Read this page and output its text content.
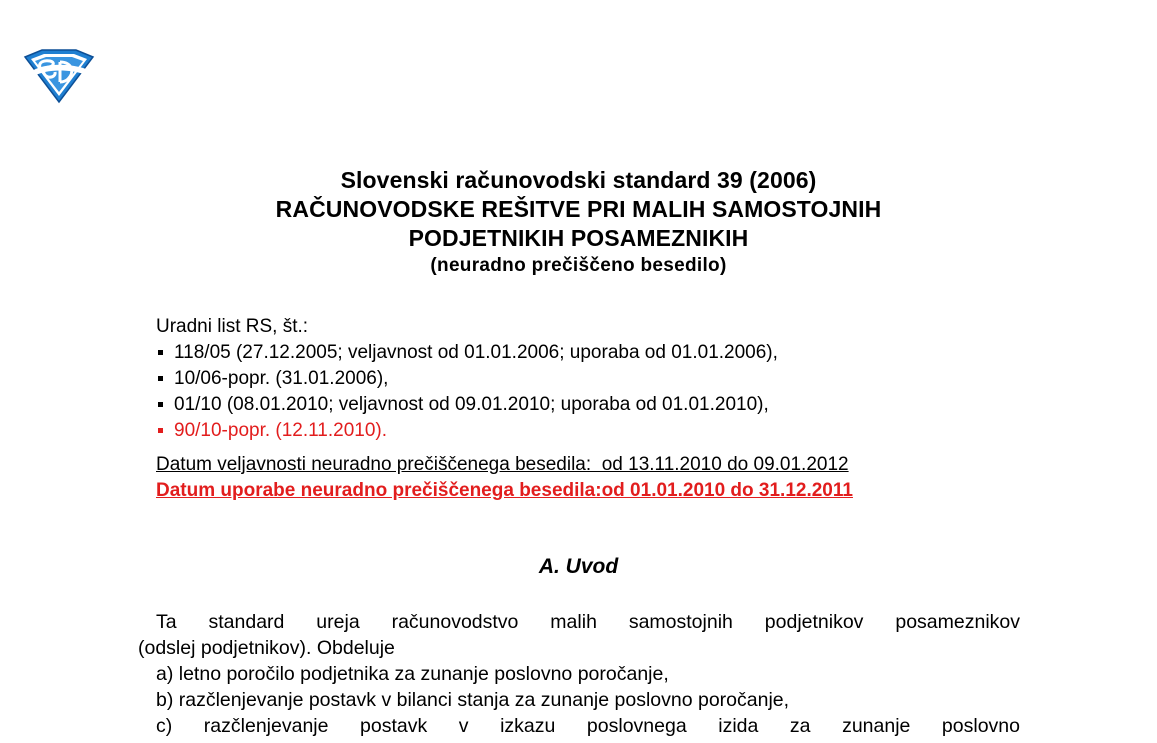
Slovenski računovodski standard 39 (2006)
RAČUNOVODSKE REŠITVE PRI MALIH SAMOSTOJNIH
PODJETNIKIH POSAMEZNIKIH
(neuradno prečiščeno besedilo)
Uradni list RS, št.:
118/05 (27.12.2005; veljavnost od 01.01.2006; uporaba od 01.01.2006),
10/06-popr. (31.01.2006),
01/10 (08.01.2010; veljavnost od 09.01.2010; uporaba od 01.01.2010),
90/10-popr. (12.11.2010).
Datum veljavnosti neuradno prečiščenega besedila:  od 13.11.2010 do 09.01.2012
Datum uporabe neuradno prečiščenega besedila:od 01.01.2010 do 31.12.2011
A. Uvod
Ta standard ureja računovodstvo malih samostojnih podjetnikov posameznikov
(odslej podjetnikov). Obdeluje
a) letno poročilo podjetnika za zunanje poslovno poročanje,
b) razčlenjevanje postavk v bilanci stanja za zunanje poslovno poročanje,
c) razčlenjevanje postavk v izkazu poslovnega izida za zunanje poslovno
